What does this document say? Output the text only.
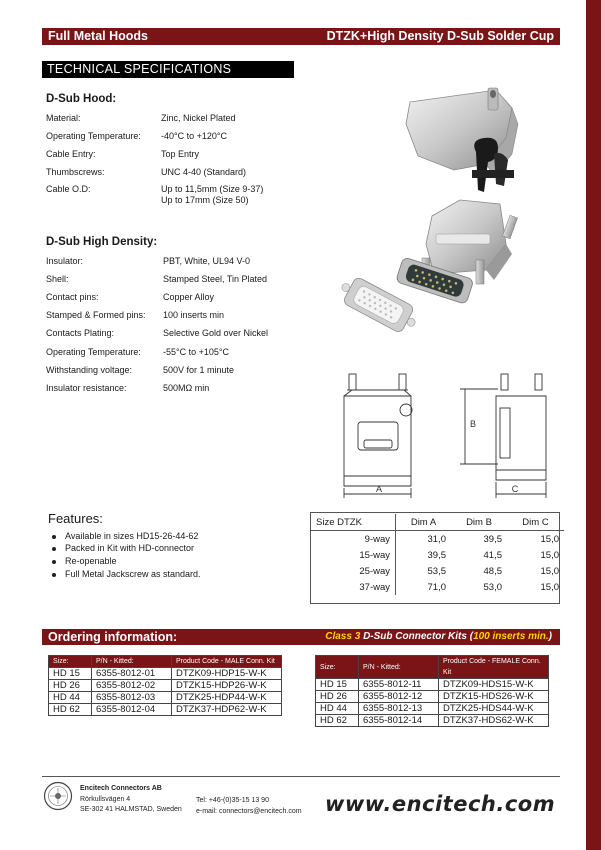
Full Metal Hoods	DTZK+High Density D-Sub Solder Cup
TECHNICAL SPECIFICATIONS
D-Sub Hood:
Material:	Zinc, Nickel Plated
Operating Temperature: -40°C to +120°C
Cable Entry:	Top Entry
Thumbscrews:	UNC 4-40 (Standard)
Cable O.D:	Up to 11,5mm (Size 9-37)
Up to 17mm (Size 50)
D-Sub High Density:
Insulator:	PBT, White, UL94 V-0
Shell:	Stamped Steel, Tin Plated
Contact pins:	Copper Alloy
Stamped & Formed pins: 100 inserts min
Contacts Plating:	Selective Gold over Nickel
Operating Temperature: -55°C to +105°C
Withstanding voltage:	500V for 1 minute
Insulator resistance:	500MΩ min
A
B
C
Features:
Available in sizes HD15-26-44-62
Packed in Kit with HD-connector
Re-openable
Full Metal Jackscrew as standard.
Size DTZK	Dim A	Dim B	Dim C
9-way	31,0	39,5	15,0
15-way	39,5	41,5	15,0
25-way	53,5	48,5	15,0
37-way	71,0	53,0	15,0
Ordering information:	Class 3 D-Sub Connector Kits (100 inserts min.)
Size:	P/N - Kitted:	Product Code - MALE Conn. Kit
HD 15	6355-8012-01	DTZK09-HDP15-W-K
HD 26	6355-8012-02	DTZK15-HDP26-W-K
HD 44	6355-8012-03	DTZK25-HDP44-W-K
HD 62	6355-8012-04	DTZK37-HDP62-W-K
Size:	P/N - Kitted:	Product Code - FEMALE Conn. Kit
HD 15	6355-8012-11	DTZK09-HDS15-W-K
HD 26	6355-8012-12	DTZK15-HDS26-W-K
HD 44	6355-8012-13	DTZK25-HDS44-W-K
HD 62	6355-8012-14	DTZK37-HDS62-W-K
Encitech Connectors AB
Rörkullsvägen 4
SE-302 41 HALMSTAD, Sweden
Tel: +46-(0)35-15 13 90
e-mail: connectors@encitech.com www.encitech.com
